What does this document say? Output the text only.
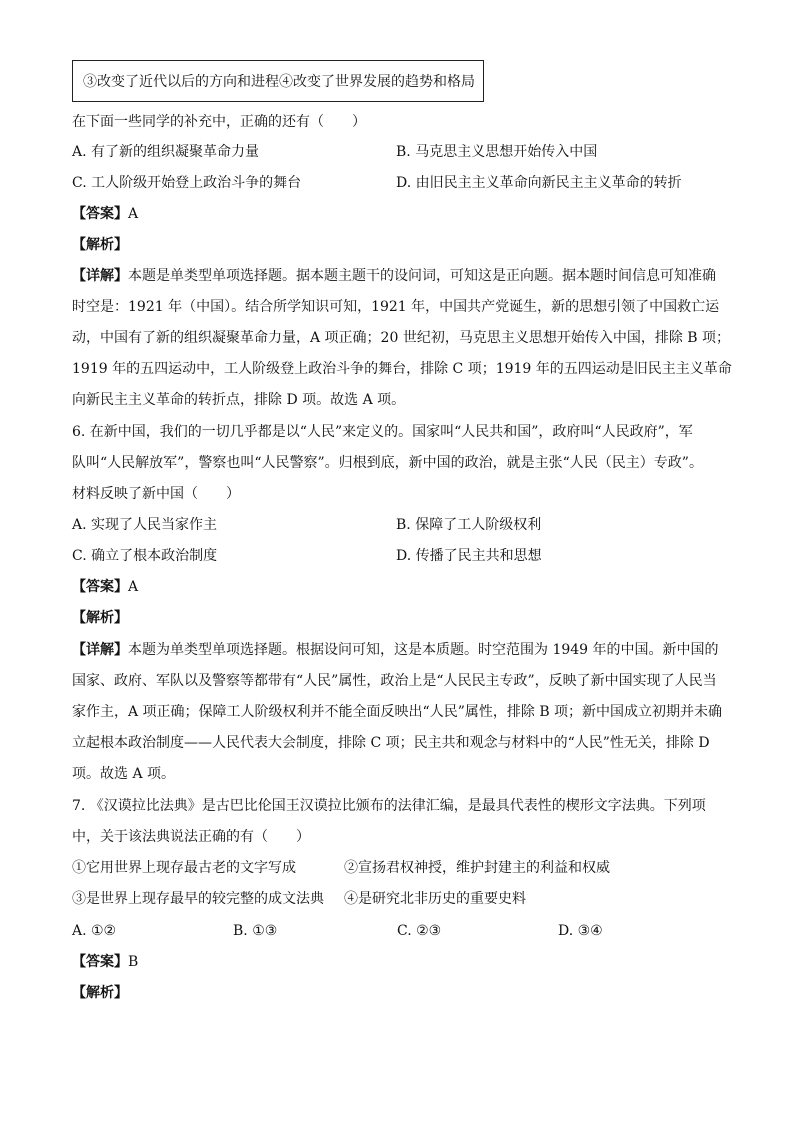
③改变了近代以后的方向和进程④改变了世界发展的趋势和格局
在下面一些同学的补充中，正确的还有（　　）
A. 有了新的组织凝聚革命力量	B. 马克思主义思想开始传入中国
C. 工人阶级开始登上政治斗争的舞台	D. 由旧民主主义革命向新民主主义革命的转折
【答案】A
【解析】
【详解】本题是单类型单项选择题。据本题主题干的设问词，可知这是正向题。据本题时间信息可知准确
时空是：1921 年（中国）。结合所学知识可知，1921 年，中国共产党诞生，新的思想引领了中国救亡运
动，中国有了新的组织凝聚革命力量，A 项正确；20 世纪初，马克思主义思想开始传入中国，排除 B 项；
1919 年的五四运动中，工人阶级登上政治斗争的舞台，排除 C 项；1919 年的五四运动是旧民主主义革命
向新民主主义革命的转折点，排除 D 项。故选 A 项。
6. 在新中国，我们的一切几乎都是以“人民”来定义的。国家叫“人民共和国”，政府叫“人民政府”，军
队叫“人民解放军”，警察也叫“人民警察”。归根到底，新中国的政治，就是主张“人民（民主）专政”。
材料反映了新中国（　　）
A. 实现了人民当家作主	B. 保障了工人阶级权利
C. 确立了根本政治制度	D. 传播了民主共和思想
【答案】A
【解析】
【详解】本题为单类型单项选择题。根据设问可知，这是本质题。时空范围为 1949 年的中国。新中国的
国家、政府、军队以及警察等都带有“人民”属性，政治上是“人民民主专政”，反映了新中国实现了人民当
家作主，A 项正确；保障工人阶级权利并不能全面反映出“人民”属性，排除 B 项；新中国成立初期并未确
立起根本政治制度——人民代表大会制度，排除 C 项；民主共和观念与材料中的“人民”性无关，排除 D
项。故选 A 项。
7. 《汉谟拉比法典》是古巴比伦国王汉谟拉比颁布的法律汇编，是最具代表性的楔形文字法典。下列项
中，关于该法典说法正确的有（　　）
①它用世界上现存最古老的文字写成	②宣扬君权神授，维护封建主的利益和权威
③是世界上现存最早的较完整的成文法典 ④是研究北非历史的重要史料
A. ①②	B. ①③	C. ②③	D. ③④
【答案】B
【解析】
